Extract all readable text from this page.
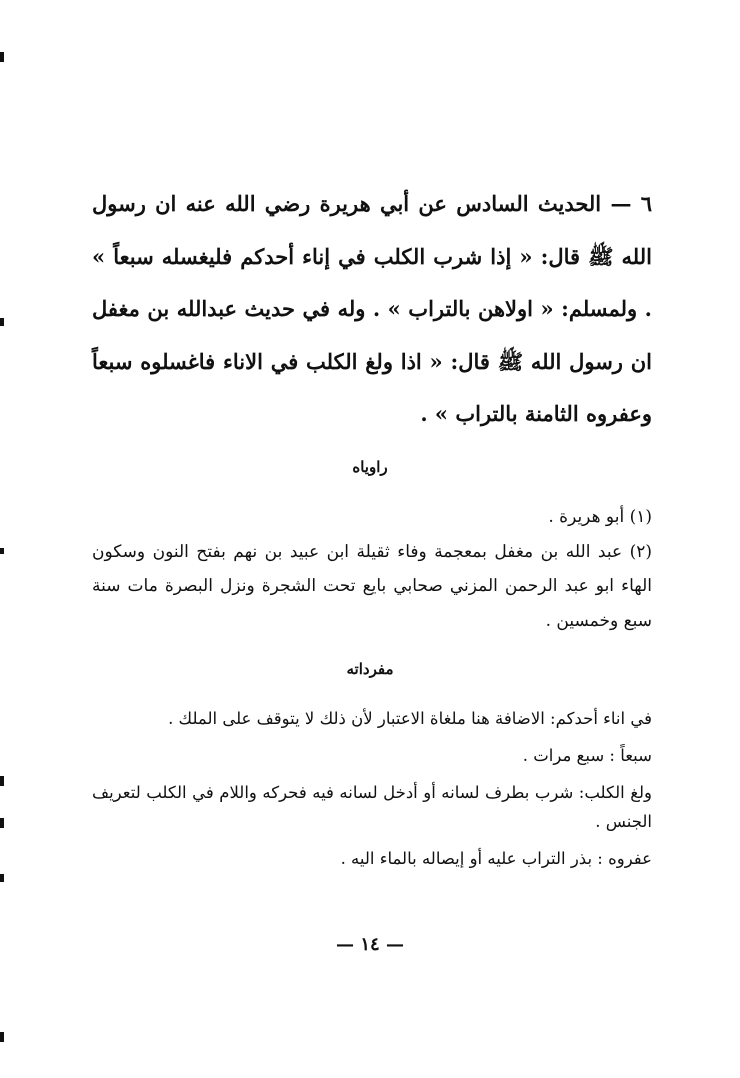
٦ — الحديث السادس عن أبي هريرة رضي الله عنه ان رسول الله ﷺ قال: « إذا شرب الكلب في إناء أحدكم فليغسله سبعاً » . ولمسلم: « اولاهن بالتراب » . وله في حديث عبدالله بن مغفل ان رسول الله ﷺ قال: « اذا ولغ الكلب في الاناء فاغسلوه سبعاً وعفروه الثامنة بالتراب » .
راوياه

(١) أبو هريرة .

(٢) عبد الله بن مغفل بمعجمة وفاء ثقيلة ابن عبيد بن نهم بفتح النون وسكون الهاء ابو عبد الرحمن المزني صحابي بايع تحت الشجرة ونزل البصرة مات سنة سبع وخمسين .

مفرداته

في اناء أحدكم: الاضافة هنا ملغاة الاعتبار لأن ذلك لا يتوقف على الملك .

سبعاً : سبع مرات .

ولغ الكلب: شرب بطرف لسانه أو أدخل لسانه فيه فحركه واللام في الكلب لتعريف الجنس .

عفروه : بذر التراب عليه أو إيصاله بالماء اليه .

— ١٤ —
